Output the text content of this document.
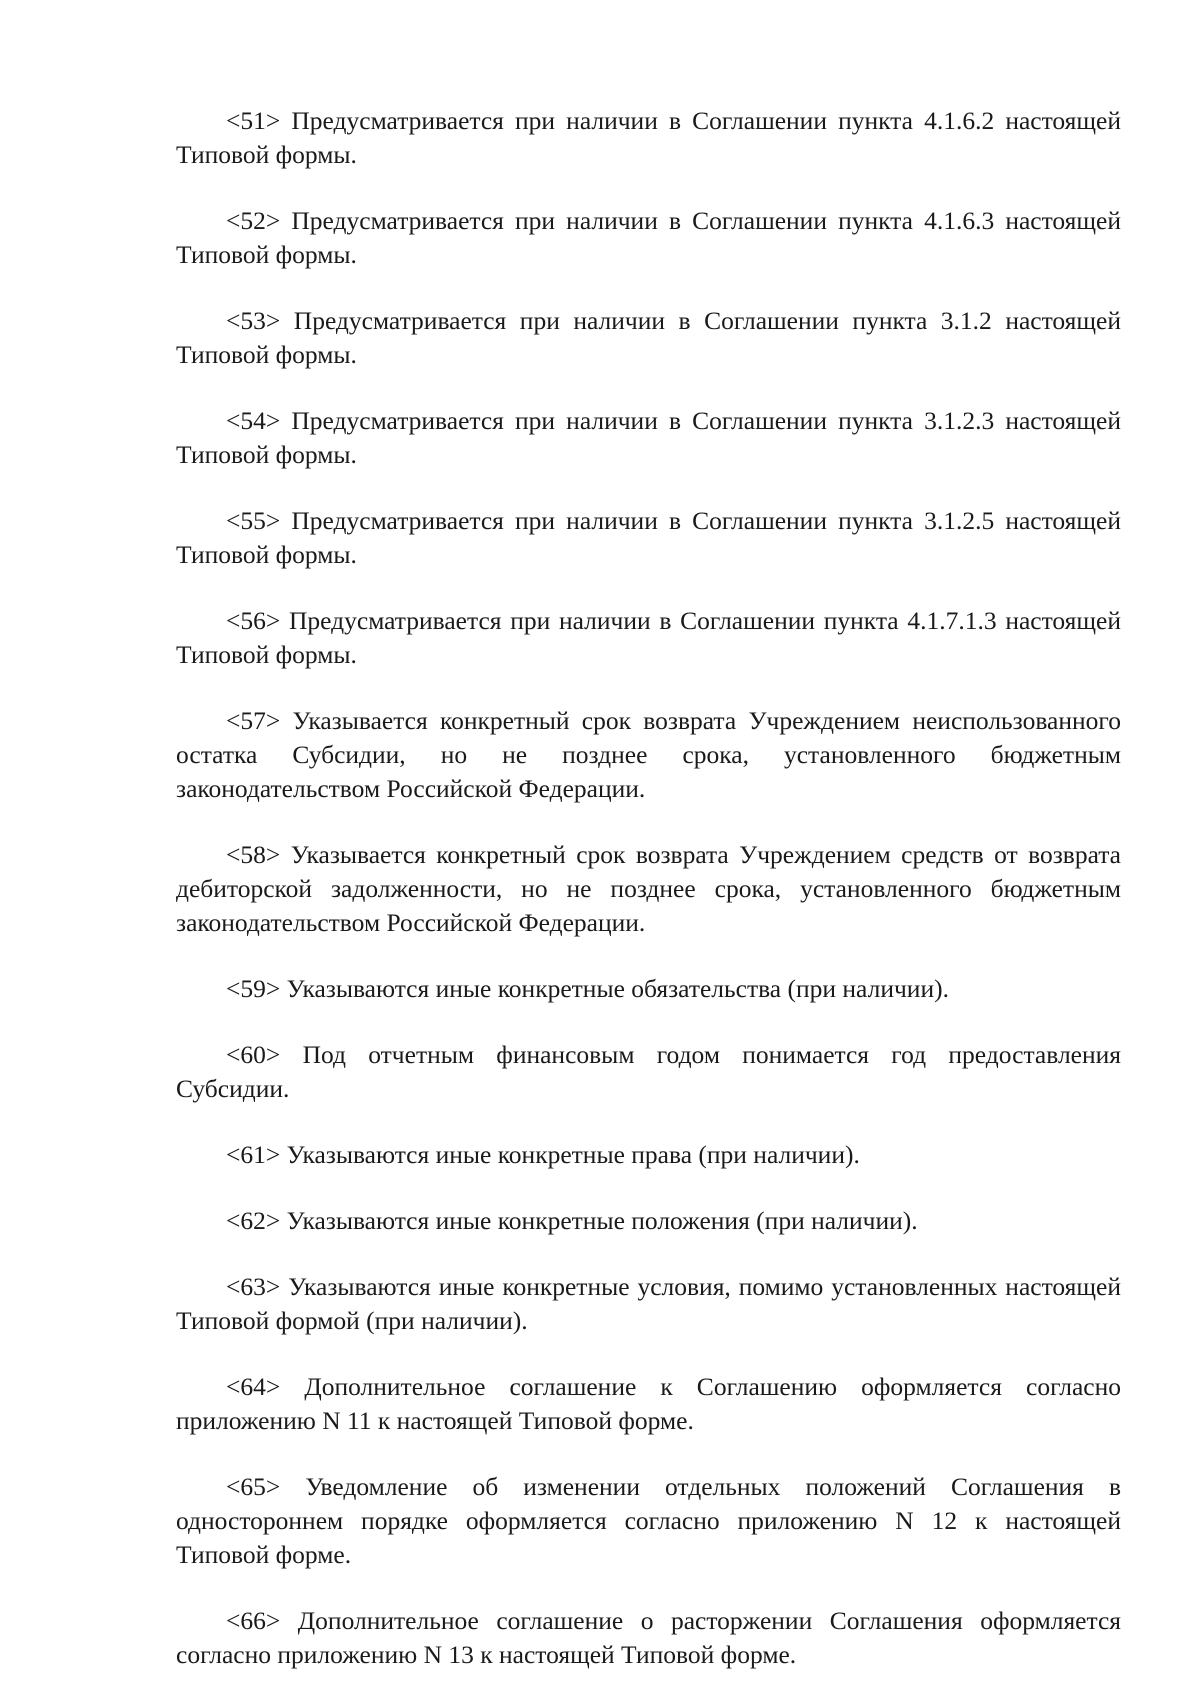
<51> Предусматривается при наличии в Соглашении пункта 4.1.6.2 настоящей Типовой формы.

<52> Предусматривается при наличии в Соглашении пункта 4.1.6.3 настоящей Типовой формы.

<53> Предусматривается при наличии в Соглашении пункта 3.1.2 настоящей Типовой формы.

<54> Предусматривается при наличии в Соглашении пункта 3.1.2.3 настоящей Типовой формы.

<55> Предусматривается при наличии в Соглашении пункта 3.1.2.5 настоящей Типовой формы.

<56> Предусматривается при наличии в Соглашении пункта 4.1.7.1.3 настоящей Типовой формы.

<57> Указывается конкретный срок возврата Учреждением неиспользованного остатка Субсидии, но не позднее срока, установленного бюджетным законодательством Российской Федерации.

<58> Указывается конкретный срок возврата Учреждением средств от возврата дебиторской задолженности, но не позднее срока, установленного бюджетным законодательством Российской Федерации.

<59> Указываются иные конкретные обязательства (при наличии).

<60> Под отчетным финансовым годом понимается год предоставления Субсидии.

<61> Указываются иные конкретные права (при наличии).

<62> Указываются иные конкретные положения (при наличии).

<63> Указываются иные конкретные условия, помимо установленных настоящей Типовой формой (при наличии).

<64> Дополнительное соглашение к Соглашению оформляется согласно приложению N 11 к настоящей Типовой форме.

<65> Уведомление об изменении отдельных положений Соглашения в одностороннем порядке оформляется согласно приложению N 12 к настоящей Типовой форме.

<66> Дополнительное соглашение о расторжении Соглашения оформляется согласно приложению N 13 к настоящей Типовой форме.
